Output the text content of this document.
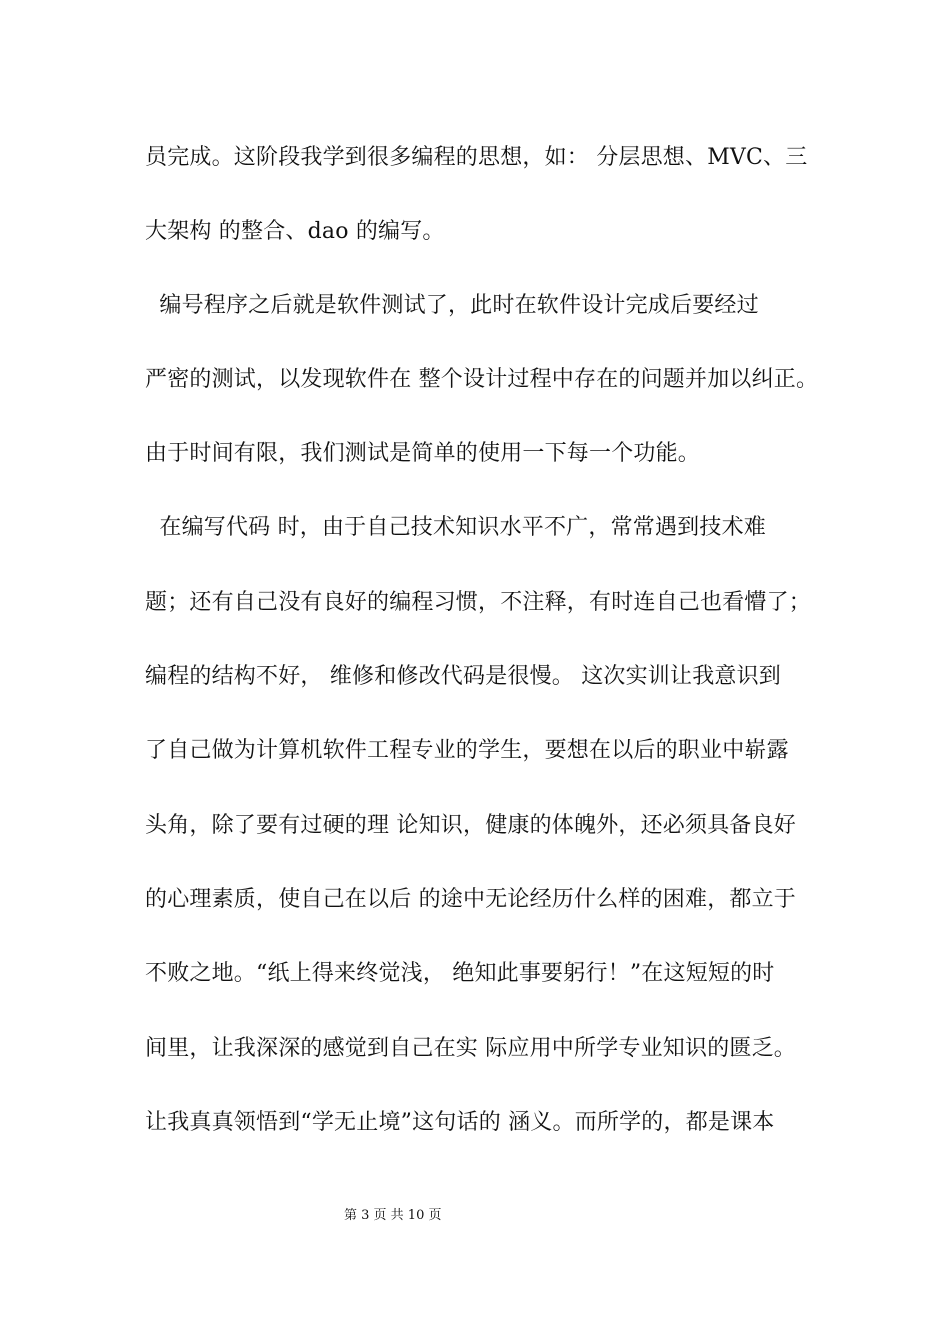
员完成。这阶段我学到很多编程的思想，如： 分层思想、MVC、三
大架构 的整合、dao 的编写。
编号程序之后就是软件测试了，此时在软件设计完成后要经过
严密的测试，以发现软件在 整个设计过程中存在的问题并加以纠正。
由于时间有限，我们测试是简单的使用一下每一个功能。
在编写代码 时，由于自己技术知识水平不广，常常遇到技术难
题；还有自己没有良好的编程习惯，不注释，有时连自己也看懵了；
编程的结构不好， 维修和修改代码是很慢。 这次实训让我意识到
了自己做为计算机软件工程专业的学生，要想在以后的职业中崭露
头角，除了要有过硬的理 论知识，健康的体魄外，还必须具备良好
的心理素质，使自己在以后 的途中无论经历什么样的困难，都立于
不败之地。“纸上得来终觉浅， 绝知此事要躬行！”在这短短的时
间里，让我深深的感觉到自己在实 际应用中所学专业知识的匮乏。
让我真真领悟到“学无止境”这句话的 涵义。而所学的，都是课本
第 3 页 共 10 页
